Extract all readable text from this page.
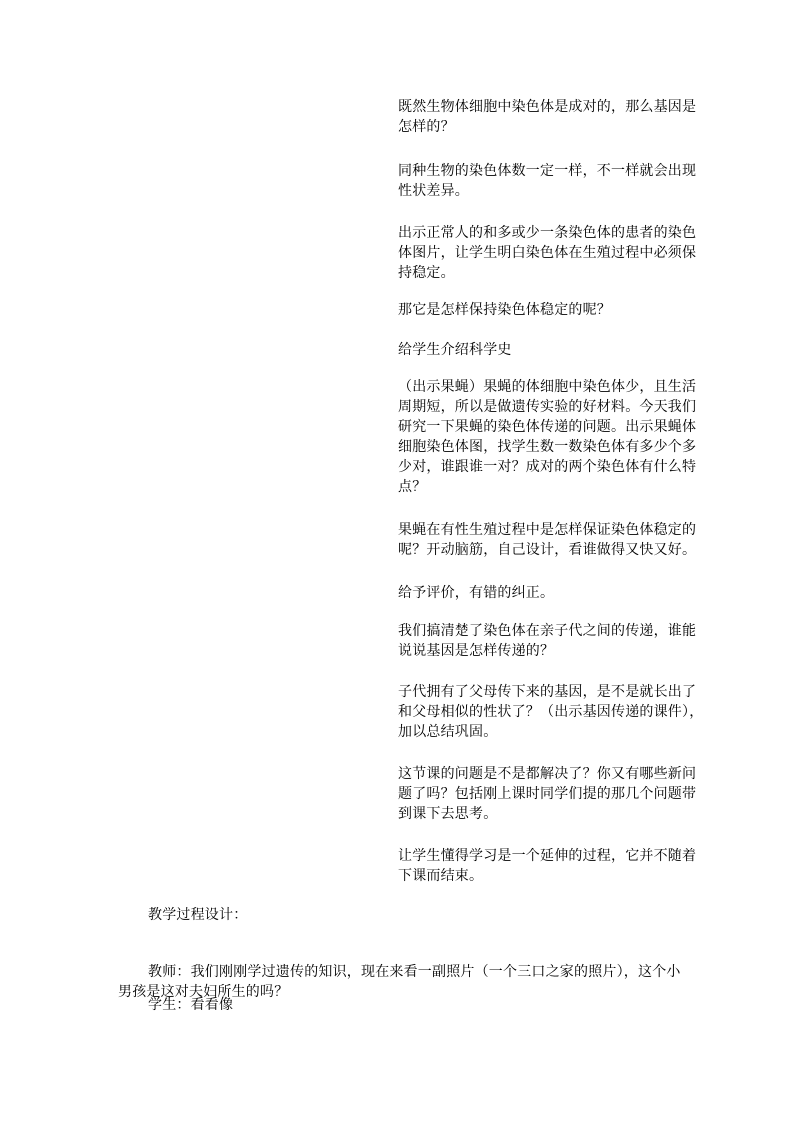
既然生物体细胞中染色体是成对的，那么基因是
怎样的？

同种生物的染色体数一定一样，不一样就会出现
性状差异。

出示正常人的和多或少一条染色体的患者的染色
体图片，让学生明白染色体在生殖过程中必须保
持稳定。

那它是怎样保持染色体稳定的呢？

给学生介绍科学史

（出示果蝇）果蝇的体细胞中染色体少，且生活
周期短，所以是做遗传实验的好材料。今天我们
研究一下果蝇的染色体传递的问题。出示果蝇体
细胞染色体图，找学生数一数染色体有多少个多
少对，谁跟谁一对？成对的两个染色体有什么特
点？

果蝇在有性生殖过程中是怎样保证染色体稳定的
呢？开动脑筋，自己设计，看谁做得又快又好。

给予评价，有错的纠正。

我们搞清楚了染色体在亲子代之间的传递，谁能
说说基因是怎样传递的？

子代拥有了父母传下来的基因，是不是就长出了
和父母相似的性状了？（出示基因传递的课件），
加以总结巩固。

这节课的问题是不是都解决了？你又有哪些新问
题了吗？包括刚上课时同学们提的那几个问题带
到课下去思考。

让学生懂得学习是一个延伸的过程，它并不随着
下课而结束。

教学过程设计：

教师：我们刚刚学过遗传的知识，现在来看一副照片（一个三口之家的照片），这个小
男孩是这对夫妇所生的吗？

学生：看看像
